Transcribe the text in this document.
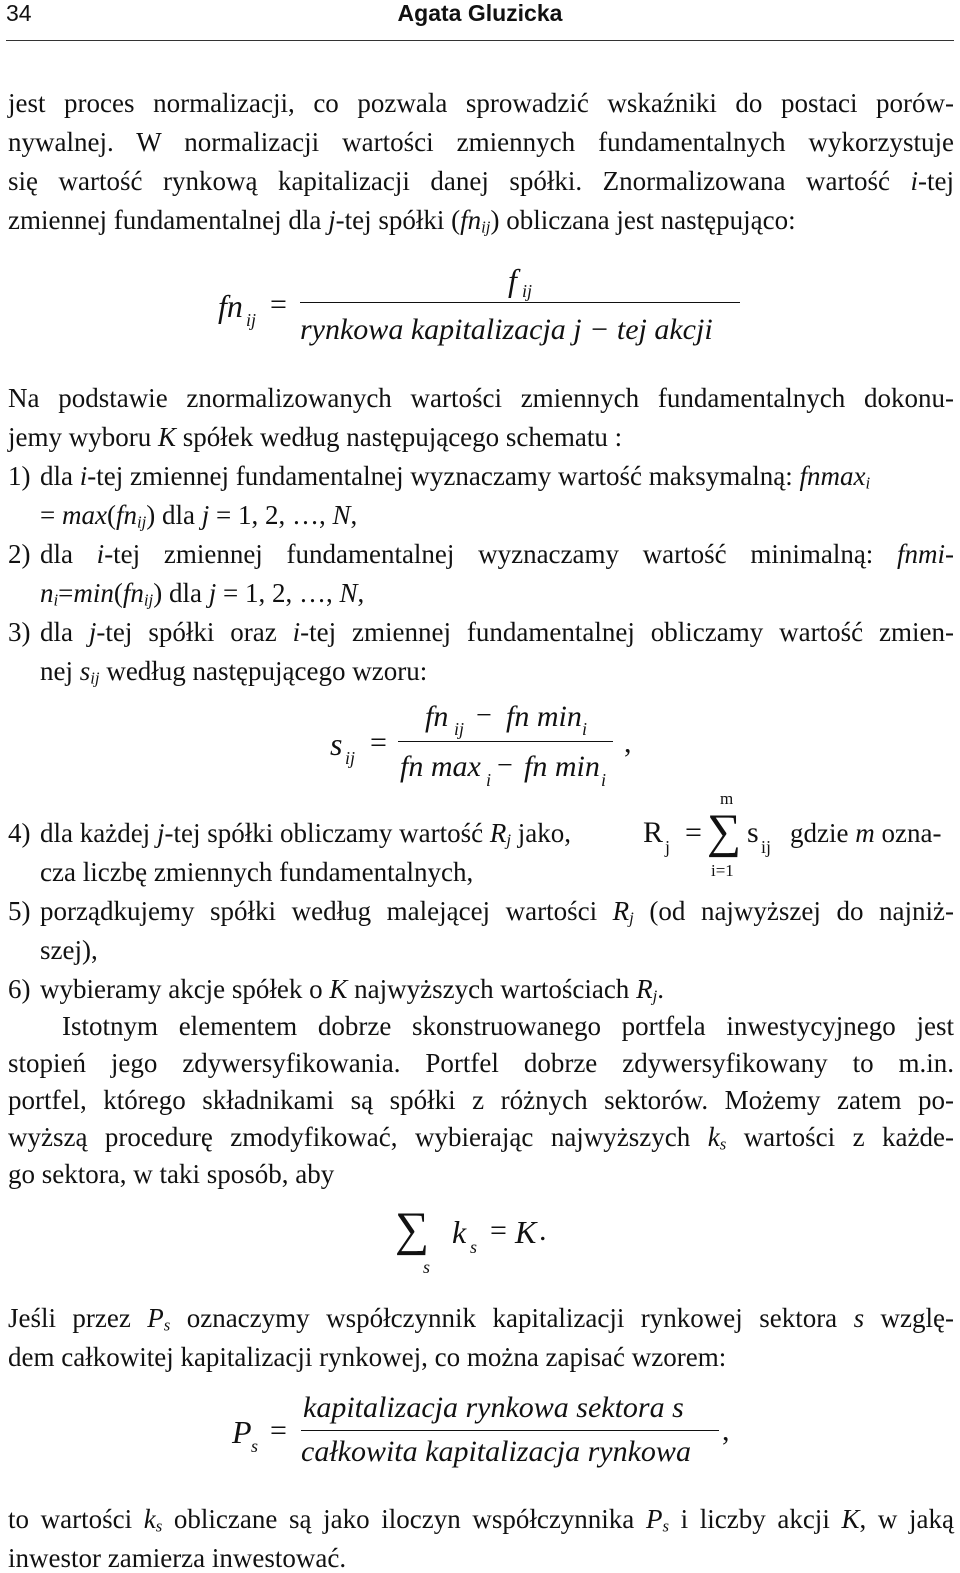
34	Agata Gluzicka
jest proces normalizacji, co pozwala sprowadzić wskaźniki do postaci porów-
nywalnej. W normalizacji wartości zmiennych fundamentalnych wykorzystuje
się wartość rynkową kapitalizacji danej spółki. Znormalizowana wartość i-tej
zmiennej fundamentalnej dla j-tej spółki $(fn_{ij})$ obliczana jest następująco:
fn ij =
f ij
rynkowa kapitalizacja j − tej akcji
Na podstawie znormalizowanych wartości zmiennych fundamentalnych dokonu-
jemy wyboru K spółek według następującego schematu :
1) dla i-tej zmiennej fundamentalnej wyznaczamy wartość maksymalną: fnmax$_i$
= $\max(fn_{ij})$ dla j = 1, 2, …, N,
2) dla i-tej zmiennej fundamentalnej wyznaczamy wartość minimalną: fnmi-
$n_i=\min(fn_{ij})$ dla j = 1, 2, …, N,
3) dla j-tej spółki oraz i-tej zmiennej fundamentalnej obliczamy wartość zmien-
nej $s_{ij}$ według następującego wzoru:
s ij =
fn ij − fn min i
fn max i − fn min i
,
4) dla każdej j-tej spółki obliczamy wartość $R_j$ jako, R j =
m
∑
i=1
s ij gdzie m ozna-
cza liczbę zmiennych fundamentalnych,
5) porządkujemy spółki według malejącej wartości $R_j$ (od najwyższej do najniż-
szej),
6) wybieramy akcje spółek o K najwyższych wartościach $R_j$.
Istotnym elementem dobrze skonstruowanego portfela inwestycyjnego jest
stopień jego zdywersyfikowania. Portfel dobrze zdywersyfikowany to m.in.
portfel, którego składnikami są spółki z różnych sektorów. Możemy zatem po-
wyższą procedurę zmodyfikować, wybierając najwyższych $k_s$ wartości z każde-
go sektora, w taki sposób, aby
∑
s
k s = K .
Jeśli przez $P_s$ oznaczymy współczynnik kapitalizacji rynkowej sektora s wzglę-
dem całkowitej kapitalizacji rynkowej, co można zapisać wzorem:
P s =
kapitalizacja rynkowa sektora s
całkowita kapitalizacja rynkowa
,
to wartości $k_s$ obliczane są jako iloczyn współczynnika $P_s$ i liczby akcji K, w jaką
inwestor zamierza inwestować.
